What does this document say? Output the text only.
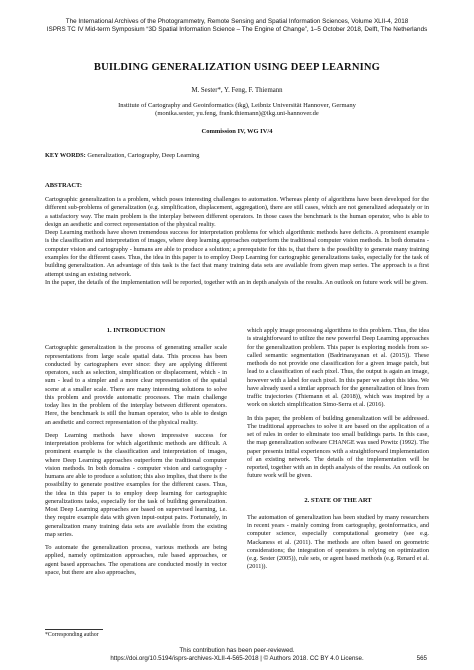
The International Archives of the Photogrammetry, Remote Sensing and Spatial Information Sciences, Volume XLII-4, 2018
ISPRS TC IV Mid-term Symposium “3D Spatial Information Science – The Engine of Change”, 1–5 October 2018, Delft, The Netherlands
BUILDING GENERALIZATION USING DEEP LEARNING
M. Sester*, Y. Feng, F. Thiemann
Institute of Cartography and Geoinformatics (ikg), Leibniz Universität Hannover, Germany
(monika.sester, yu.feng, frank.thiemann)@ikg.uni-hannover.de
Commission IV, WG IV/4
KEY WORDS: Generalization, Cartography, Deep Learning
ABSTRACT:

Cartographic generalization is a problem, which poses interesting challenges to automation. Whereas plenty of algorithms have been developed for the different sub-problems of generalization (e.g. simplification, displacement, aggregation), there are still cases, which are not generalized adequately or in a satisfactory way. The main problem is the interplay between different operators. In those cases the benchmark is the human operator, who is able to design an aesthetic and correct representation of the physical reality.

Deep Learning methods have shown tremendous success for interpretation problems for which algorithmic methods have deficits. A prominent example is the classification and interpretation of images, where deep learning approaches outperform the traditional computer vision methods. In both domains - computer vision and cartography - humans are able to produce a solution; a prerequisite for this is, that there is the possibility to generate many training examples for the different cases. Thus, the idea in this paper is to employ Deep Learning for cartographic generalizations tasks, especially for the task of building generalization. An advantage of this task is the fact that many training data sets are available from given map series. The approach is a first attempt using an existing network.

In the paper, the details of the implementation will be reported, together with an in depth analysis of the results. An outlook on future work will be given.

1. INTRODUCTION

Cartographic generalization is the process of generating smaller scale representations from large scale spatial data. This process has been conducted by cartographers ever since: they are applying different operators, such as selection, simplification or displacement, which - in sum - lead to a simpler and a more clear representation of the spatial scene at a smaller scale. There are many interesting solutions to solve this problem and provide automatic processes. The main challenge today lies in the problem of the interplay between different operators. Here, the benchmark is still the human operator, who is able to design an aesthetic and correct representation of the physical reality.

Deep Learning methods have shown impressive success for interpretation problems for which algorithmic methods are difficult. A prominent example is the classification and interpretation of images, where Deep Learning approaches outperform the traditional computer vision methods. In both domains - computer vision and cartography - humans are able to produce a solution; this also implies, that there is the possibility to generate positive examples for the different cases. Thus, the idea in this paper is to employ deep learning for cartographic generalizations tasks, especially for the task of building generalization. Most Deep Learning approaches are based on supervised learning, i.e. they require example data with given input-output pairs. Fortunately, in generalization many training data sets are available from the existing map series.

To automate the generalization process, various methods are being applied, namely optimization approaches, rule based approaches, or agent based approaches. The operations are conducted mostly in vector space, but there are also approaches,

which apply image processing algorithms to this problem. Thus, the idea is straightforward to utilize the new powerful Deep Learning approaches for the generalization problem. This paper is exploring models from so-called semantic segmentation (Badrinarayanan et al. (2015)). These methods do not provide one classification for a given image patch, but lead to a classification of each pixel. Thus, the output is again an image, however with a label for each pixel. In this paper we adopt this idea. We have already used a similar approach for the generalization of lines from traffic trajectories (Thiemann et al. (2018)), which was inspired by a work on sketch simplification Simo-Serra et al. (2016).

In this paper, the problem of building generalization will be addressed. The traditional approaches to solve it are based on the application of a set of rules in order to eliminate too small buildings parts. In this case, the map generalization software CHANGE was used Powitz (1992). The paper presents initial experiences with a straightforward implementation of an existing network. The details of the implementation will be reported, together with an in depth analysis of the results. An outlook on future work will be given.

2. STATE OF THE ART

The automation of generalization has been studied by many researchers in recent years - mainly coming from cartography, geoinformatics, and computer science, especially computational geometry (see e.g. Mackaness et al. (2011). The methods are often based on geometric considerations; the integration of operators is relying on optimization (e.g. Sester (2005)), rule sets, or agent based methods (e.g. Renard et al. (2011)).

*Corresponding author
This contribution has been peer-reviewed.
https://doi.org/10.5194/isprs-archives-XLII-4-565-2018 | © Authors 2018. CC BY 4.0 License.	565
